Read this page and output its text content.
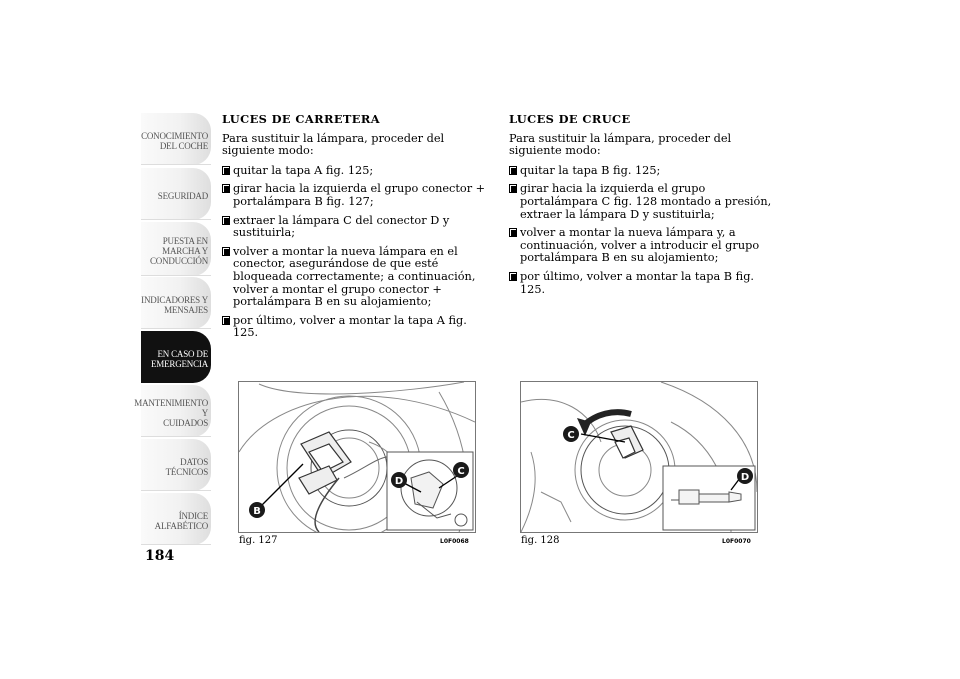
CONOCIMIENTO
DEL COCHE
SEGURIDAD
PUESTA EN
MARCHA Y
CONDUCCIÓN
INDICADORES Y
MENSAJES
EN CASO DE
EMERGENCIA
MANTENIMIENTO Y
CUIDADOS
DATOS TÉCNICOS
ÍNDICE
ALFABÉTICO
184
LUCES DE CARRETERA

Para sustituir la lámpara, proceder del siguiente modo:

quitar la tapa A fig. 125;
girar hacia la izquierda el grupo conector + portalámpara B fig. 127;
extraer la lámpara C del conector D y sustituirla;
volver a montar la nueva lámpara en el conector, asegurándose de que esté bloqueada correctamente; a continuación, volver a montar el grupo conector + portalámpara B en su alojamiento;
por último, volver a montar la tapa A fig. 125.
LUCES DE CRUCE

Para sustituir la lámpara, proceder del siguiente modo:

quitar la tapa B fig. 125;
girar hacia la izquierda el grupo portalámpara C fig. 128 montado a presión, extraer la lámpara D y sustituirla;
volver a montar la nueva lámpara y, a continuación, volver a introducir el grupo portalámpara B en su alojamiento;
por último, volver a montar la tapa B fig. 125.
B
D
C
fig. 127	L0F0068
C
D
fig. 128	L0F0070
